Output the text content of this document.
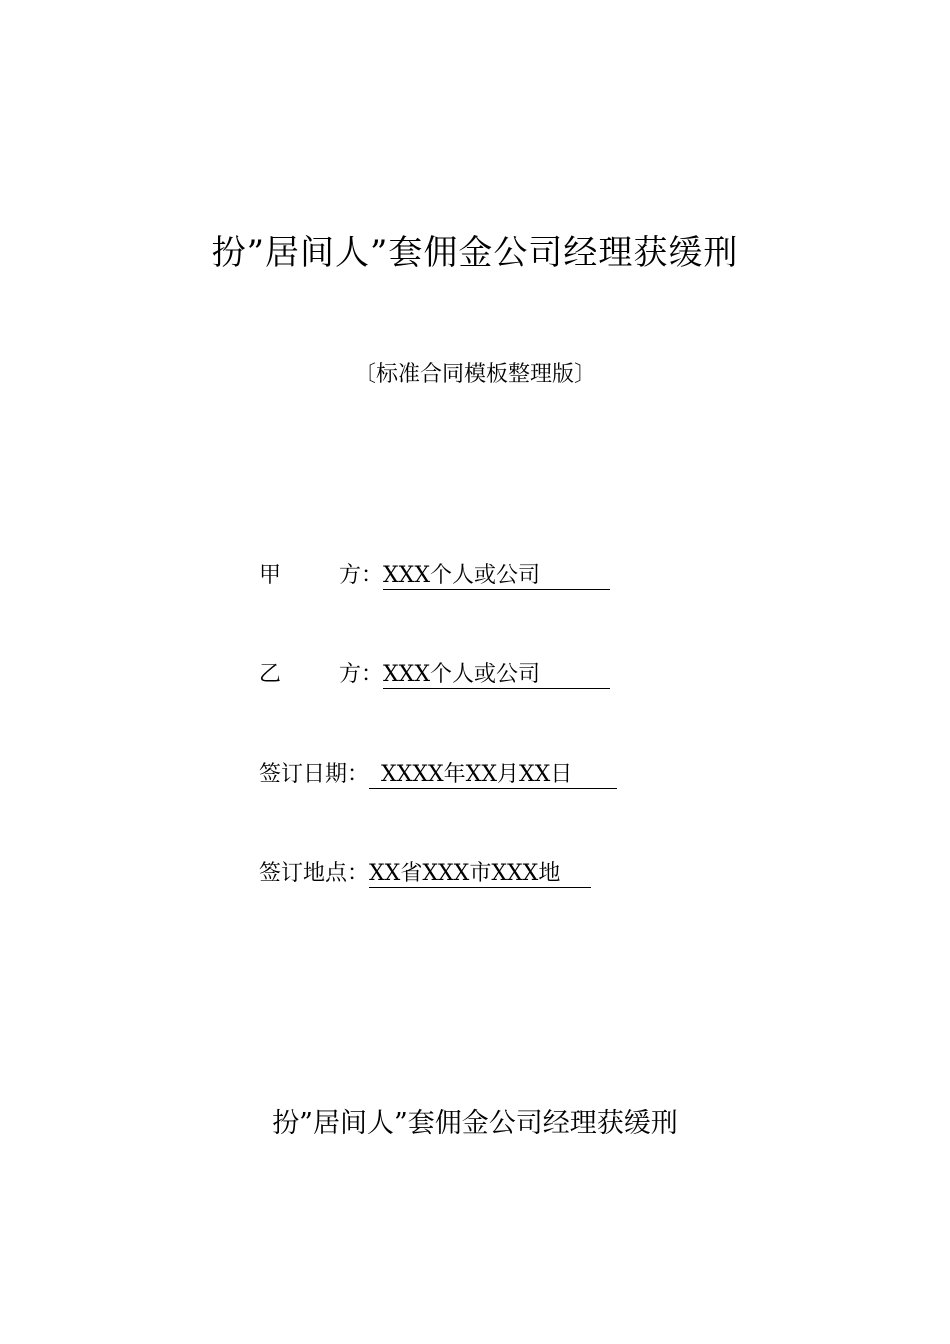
扮”居间人”套佣金公司经理获缓刑
〔标准合同模板整理版〕
甲	方： XXX个人或公司
乙	方： XXX个人或公司
签订日期： XXXX年XX月XX日
签订地点： XX省XXX市XXX地
扮”居间人”套佣金公司经理获缓刑
